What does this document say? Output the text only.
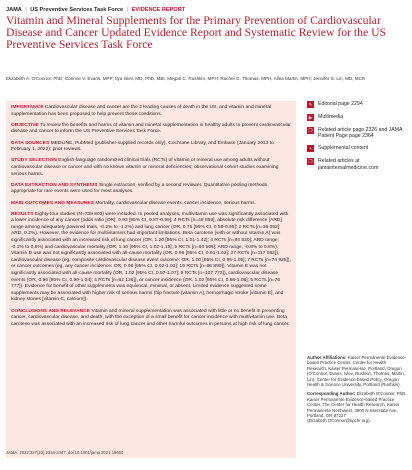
JAMA | US Preventive Services Task Force | EVIDENCE REPORT
Vitamin and Mineral Supplements for the Primary Prevention of Cardiovascular Disease and Cancer Updated Evidence Report and Systematic Review for the US Preventive Services Task Force
Elizabeth A. O'Connor, PhD; Corinne V. Evans, MPP; Ilya Ivlev, MD, PhD, MBI; Megan C. Rushkin, MPH; Rachel G. Thomas, MPH; Allea Martin, MPH; Jennifer S. Lin, MD, MCR

IMPORTANCE Cardiovascular disease and cancer are the 2 leading causes of death in the US, and vitamin and mineral supplementation has been proposed to help prevent these conditions.

OBJECTIVE To review the benefits and harms of vitamin and mineral supplementation in healthy adults to prevent cardiovascular disease and cancer to inform the US Preventive Services Task Force.

DATA SOURCES MEDLINE, PubMed (publisher-supplied records only), Cochrane Library, and Embase (January 2013 to February 1, 2022); prior reviews.

STUDY SELECTION English-language randomized clinical trials (RCTs) of vitamin or mineral use among adults without cardiovascular disease or cancer and with no known vitamin or mineral deficiencies; observational cohort studies examining serious harms.

DATA EXTRACTION AND SYNTHESIS Single extraction, verified by a second reviewer. Quantitative pooling methods appropriate for rare events were used for most analyses.

MAIN OUTCOMES AND MEASURES Mortality, cardiovascular disease events, cancer incidence, serious harms.

RESULTS Eighty-four studies (N=739 803) were included. In pooled analyses, multivitamin use was significantly associated with a lower incidence of any cancer (odds ratio [OR], 0.93 [95% CI, 0.87-0.99]; 4 RCTs [n=48 859], absolute risk difference [ARD] range among adequately powered trials, -0.2% to -1.2%) and lung cancer (OR, 0.75 [95% CI, 0.58-0.95]; 2 RCTs [n=36 052]; ARD, 0.2%). However, the evidence for multivitamins had important limitations. Beta carotene (with or without vitamin A) was significantly associated with an increased risk of lung cancer (OR, 1.20 [95% CI, 1.01-1.42]; 4 RCTs [n=94 830]; ARD range, -0.1% to 0.6%) and cardiovascular mortality (OR, 1.10 [95% CI, 1.02-1.19]; 5 RCTs [n=94 506]; ARD range, -0.8% to 0.8%). Vitamin D use was not significantly associated with all-cause mortality (OR, 0.96 [95% CI, 0.91-1.02]; 27 RCTs [n=117 082]), cardiovascular disease (eg, composite cardiovascular disease event outcome: OR, 1.00 [95% CI, 0.95-1.05]; 7 RCTs [n=74 925]), or cancer outcomes (eg, any cancer incidence: OR, 0.98 [95% CI, 0.92-1.03]; 19 RCTs [n=86 899]). Vitamin E was not significantly associated with all-cause mortality (OR, 1.02 [95% CI, 0.97-1.07]; 9 RCTs [n=107 772]), cardiovascular disease events (OR, 0.96 [95% CI, 0.90-1.04]; 4 RCTs [n=62 136]), or cancer incidence (OR, 1.02 [95% CI, 0.98-1.08]; 5 RCTs [n=76 777]). Evidence for benefit of other supplements was equivocal, minimal, or absent. Limited evidence suggested some supplements may be associated with higher risk of serious harms (hip fracture [vitamin A], hemorrhagic stroke [vitamin E], and kidney stones [vitamin C, calcium]).

CONCLUSIONS AND RELEVANCE Vitamin and mineral supplementation was associated with little or no benefit in preventing cancer, cardiovascular disease, and death, with the exception of a small benefit for cancer incidence with multivitamin use. Beta carotene was associated with an increased risk of lung cancer and other harmful outcomes in persons at high risk of lung cancer.

JAMA. 2022;327(23):2334-2347. doi:10.1001/jama.2021.15650
✎	Editorial page 2294
▶	Multimedia
❐ Related article page 2326 and JAMA Patient Page page 2364
+	Supplemental content
❐ Related articles at jamainternalmedicine.com

Author Affiliations: Kaiser Permanente Evidence-based Practice Center, Center for Health Research, Kaiser Permanente, Portland, Oregon (O'Connor, Evans, Ivlev, Rushkin, Thomas, Martin, Lin); Center for Evidence-based Policy, Oregon Health & Science University, Portland (Rushkin).

Corresponding Author: Elizabeth O'Connor, PhD, Kaiser Permanente Evidence-based Practice Center, The Center for Health Research, Kaiser Permanente Northwest, 3800 N Interstate Ave, Portland, OR 97227 (Elizabeth.OConnor@kpchr.org).
